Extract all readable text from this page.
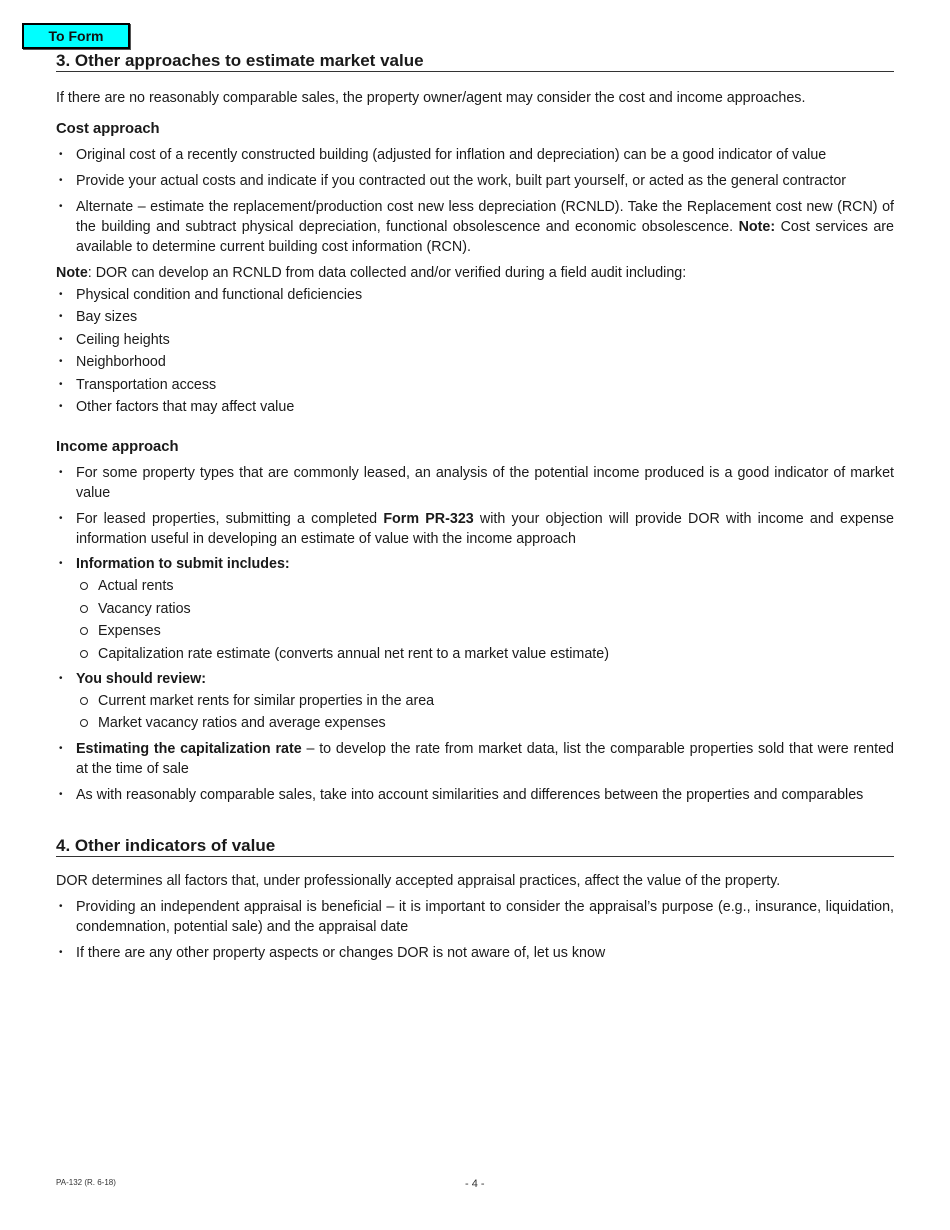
To Form
3. Other approaches to estimate market value

If there are no reasonably comparable sales, the property owner/agent may consider the cost and income approaches.

Cost approach
• Original cost of a recently constructed building (adjusted for inflation and depreciation) can be a good indicator of value
• Provide your actual costs and indicate if you contracted out the work, built part yourself, or acted as the general contractor
• Alternate – estimate the replacement/production cost new less depreciation (RCNLD). Take the Replacement cost new (RCN) of the building and subtract physical depreciation, functional obsolescence and economic obsolescence. Note: Cost services are available to determine current building cost information (RCN).

Note: DOR can develop an RCNLD from data collected and/or verified during a field audit including:

• Physical condition and functional deficiencies
• Bay sizes
• Ceiling heights
• Neighborhood
• Transportation access
• Other factors that may affect value
Income approach
• For some property types that are commonly leased, an analysis of the potential income produced is a good indicator of market value
• For leased properties, submitting a completed Form PR-323 with your objection will provide DOR with income and expense information useful in developing an estimate of value with the income approach
• Information to submit includes:
Actual rents
Vacancy ratios
Expenses
Capitalization rate estimate (converts annual net rent to a market value estimate)
• You should review:
Current market rents for similar properties in the area
Market vacancy ratios and average expenses
• Estimating the capitalization rate – to develop the rate from market data, list the comparable properties sold that were rented at the time of sale
• As with reasonably comparable sales, take into account similarities and differences between the properties and comparables
4. Other indicators of value

DOR determines all factors that, under professionally accepted appraisal practices, affect the value of the property.

• Providing an independent appraisal is beneficial – it is important to consider the appraisal’s purpose (e.g., insurance, liquidation, condemnation, potential sale) and the appraisal date
• If there are any other property aspects or changes DOR is not aware of, let us know
PA-132 (R. 6-18)	- 4 -
